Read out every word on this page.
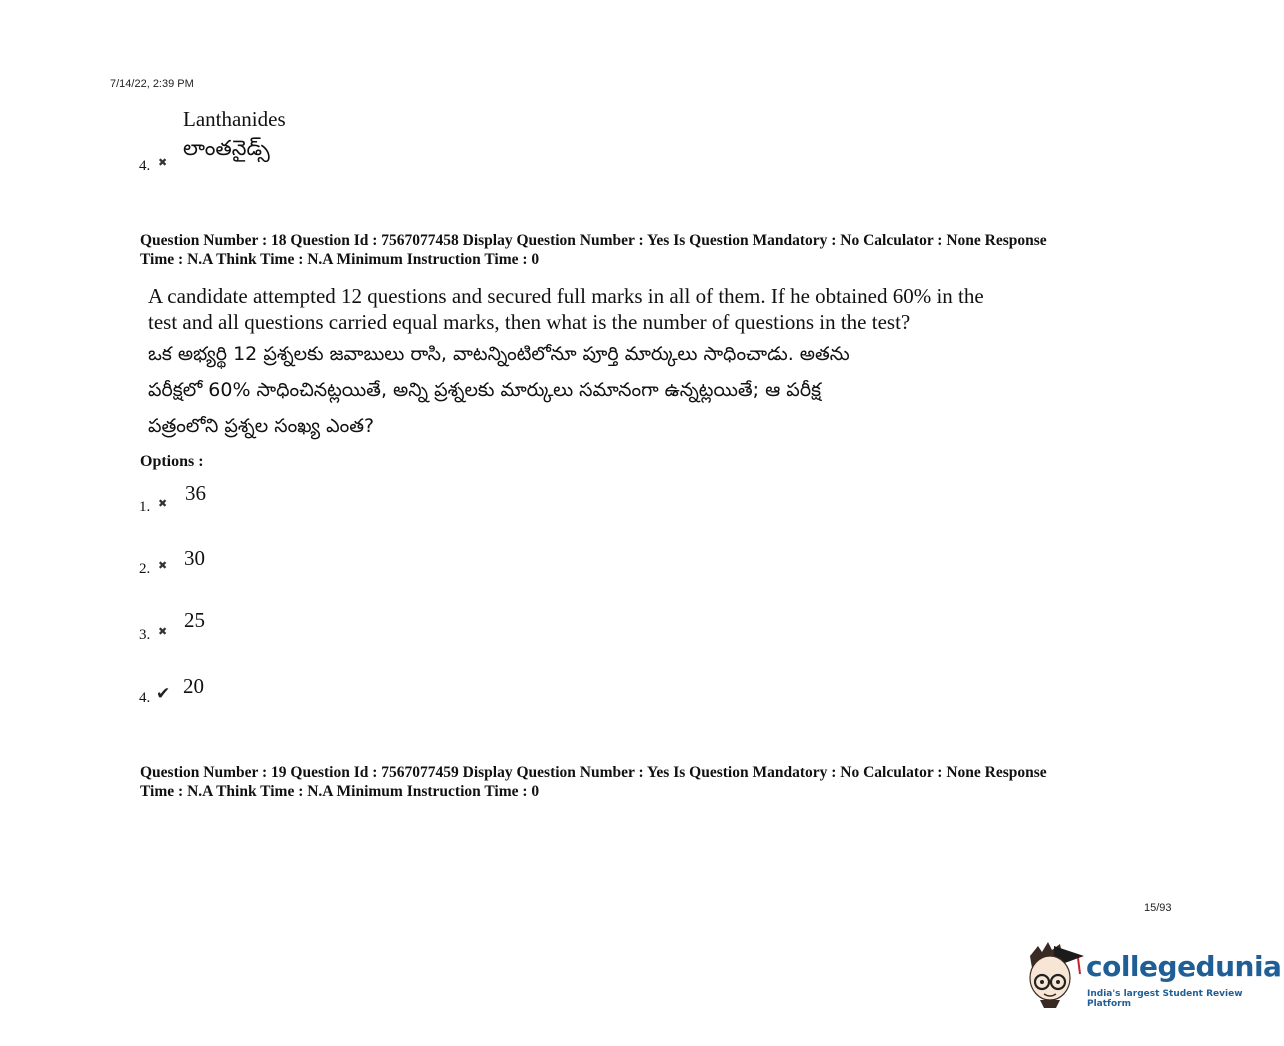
7/14/22, 2:39 PM
Lanthanides
లాంతనైడ్స్
4. ✖
Question Number : 18 Question Id : 7567077458 Display Question Number : Yes Is Question Mandatory : No Calculator : None Response
Time : N.A Think Time : N.A Minimum Instruction Time : 0
A candidate attempted 12 questions and secured full marks in all of them. If he obtained 60% in the
test and all questions carried equal marks, then what is the number of questions in the test?
ఒక అభ్యర్థి 12 ప్రశ్నలకు జవాబులు రాసి, వాటన్నింటిలోనూ పూర్తి మార్కులు సాధించాడు. అతను
పరీక్షలో 60% సాధించినట్లయితే, అన్ని ప్రశ్నలకు మార్కులు సమానంగా ఉన్నట్లయితే; ఆ పరీక్ష
పత్రంలోని ప్రశ్నల సంఖ్య ఎంత?
Options :
1. ✖ 36
2. ✖ 30
3. ✖ 25
4. ✔ 20
Question Number : 19 Question Id : 7567077459 Display Question Number : Yes Is Question Mandatory : No Calculator : None Response
Time : N.A Think Time : N.A Minimum Instruction Time : 0
15/93
collegedunia
India's largest Student Review Platform
